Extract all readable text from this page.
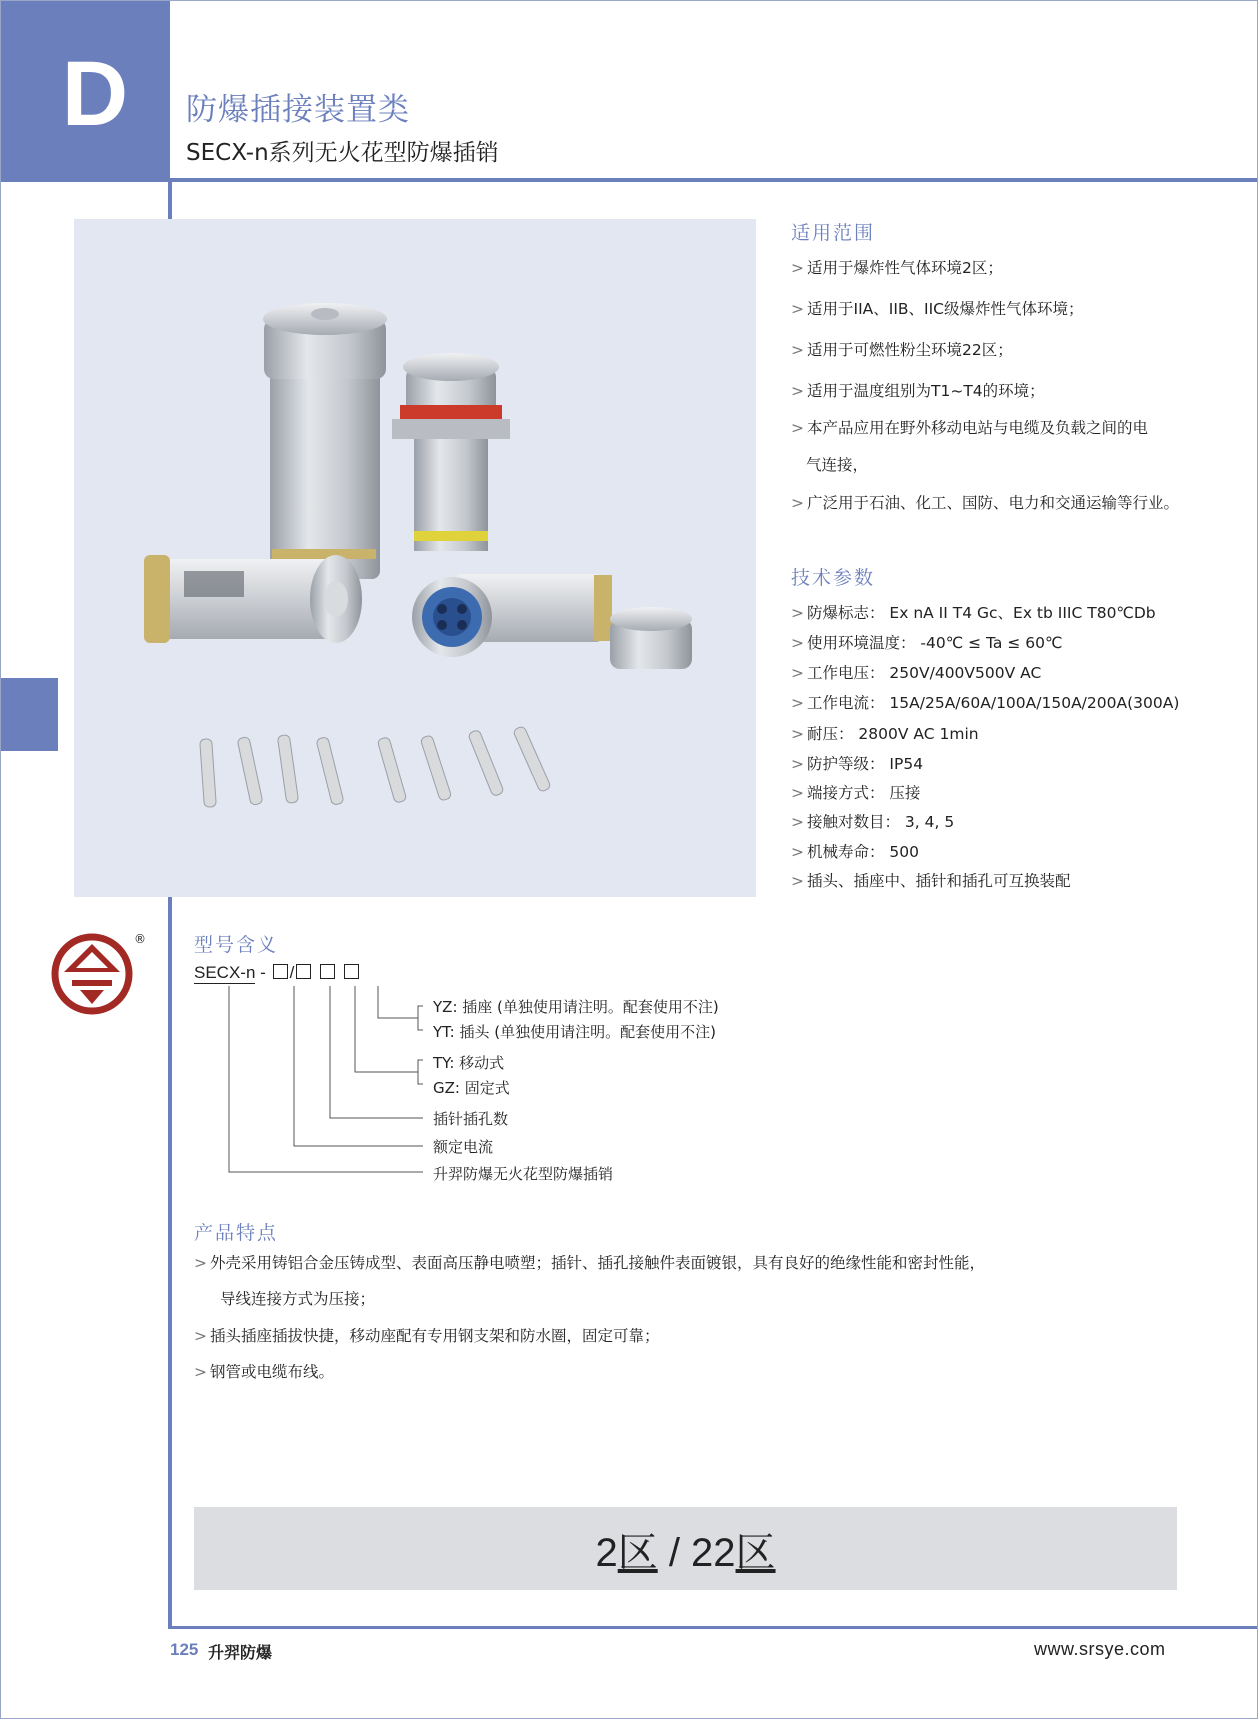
D	防爆插接装置类
SECX-n系列无火花型防爆插销
适用范围
> 适用于爆炸性气体环境2区；
> 适用于IIA、IIB、IIC级爆炸性气体环境；
> 适用于可燃性粉尘环境22区；
> 适用于温度组别为T1~T4的环境；
> 本产品应用在野外移动电站与电缆及负载之间的电
气连接，
> 广泛用于石油、化工、国防、电力和交通运输等行业。
技术参数
> 防爆标志： Ex nA II T4 Gc、Ex tb IIIC T80℃Db
> 使用环境温度： -40℃ ≤ Ta ≤ 60℃
> 工作电压： 250V/400V500V AC
> 工作电流： 15A/25A/60A/100A/150A/200A(300A)
> 耐压： 2800V AC 1min
> 防护等级： IP54
> 端接方式： 压接
> 接触对数目： 3, 4, 5
> 机械寿命： 500
> 插头、插座中、插针和插孔可互换装配
®	型号含义
SECX-n - /
YZ: 插座 (单独使用请注明。配套使用不注)
YT: 插头 (单独使用请注明。配套使用不注)
TY: 移动式
GZ: 固定式
插针插孔数
额定电流
升羿防爆无火花型防爆插销
产品特点
> 外壳采用铸铝合金压铸成型、表面高压静电喷塑；插针、插孔接触件表面镀银，具有良好的绝缘性能和密封性能，
导线连接方式为压接；
> 插头插座插拔快捷，移动座配有专用钢支架和防水圈，固定可靠；
> 钢管或电缆布线。
2区 / 22区
125 升羿防爆	www.srsye.com
